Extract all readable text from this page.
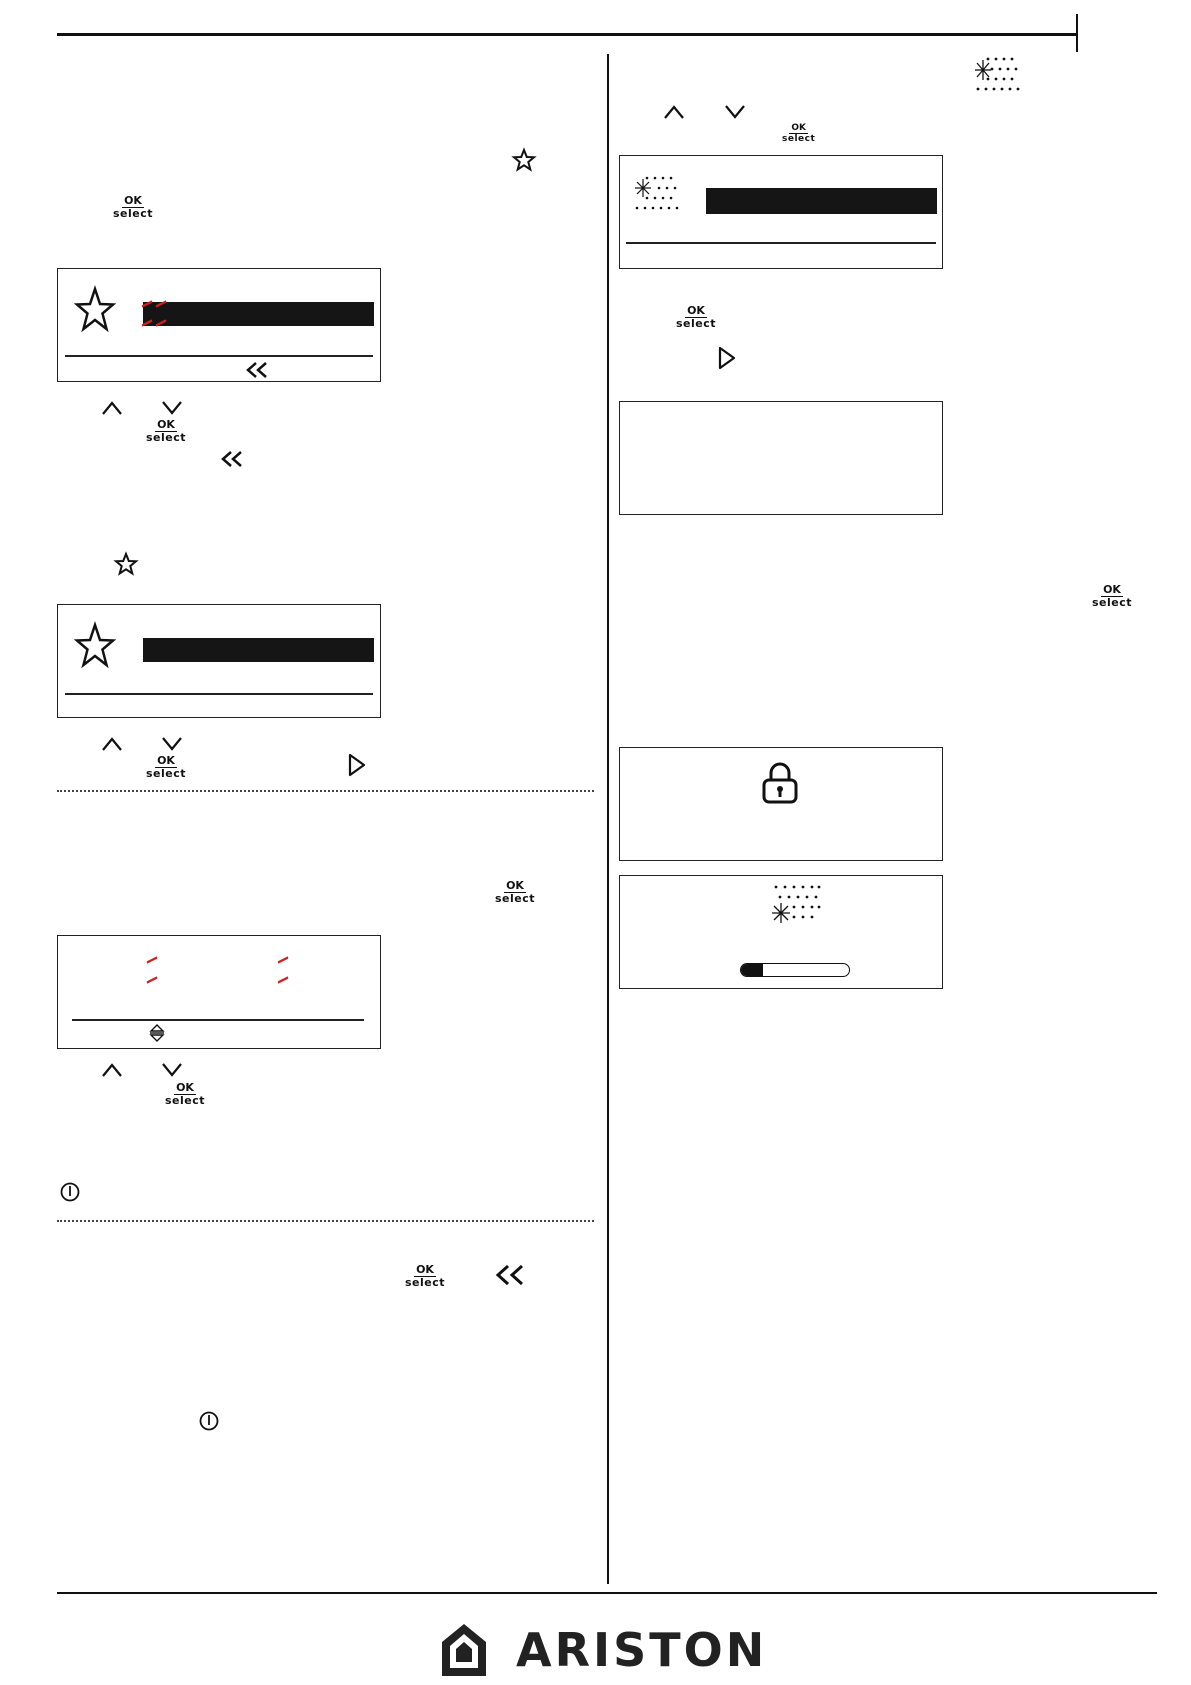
OK
select
OK
select
OK
select
OK
select
OK
select
OK
select
OK
select
OK
select
OK
select
ARISTON
